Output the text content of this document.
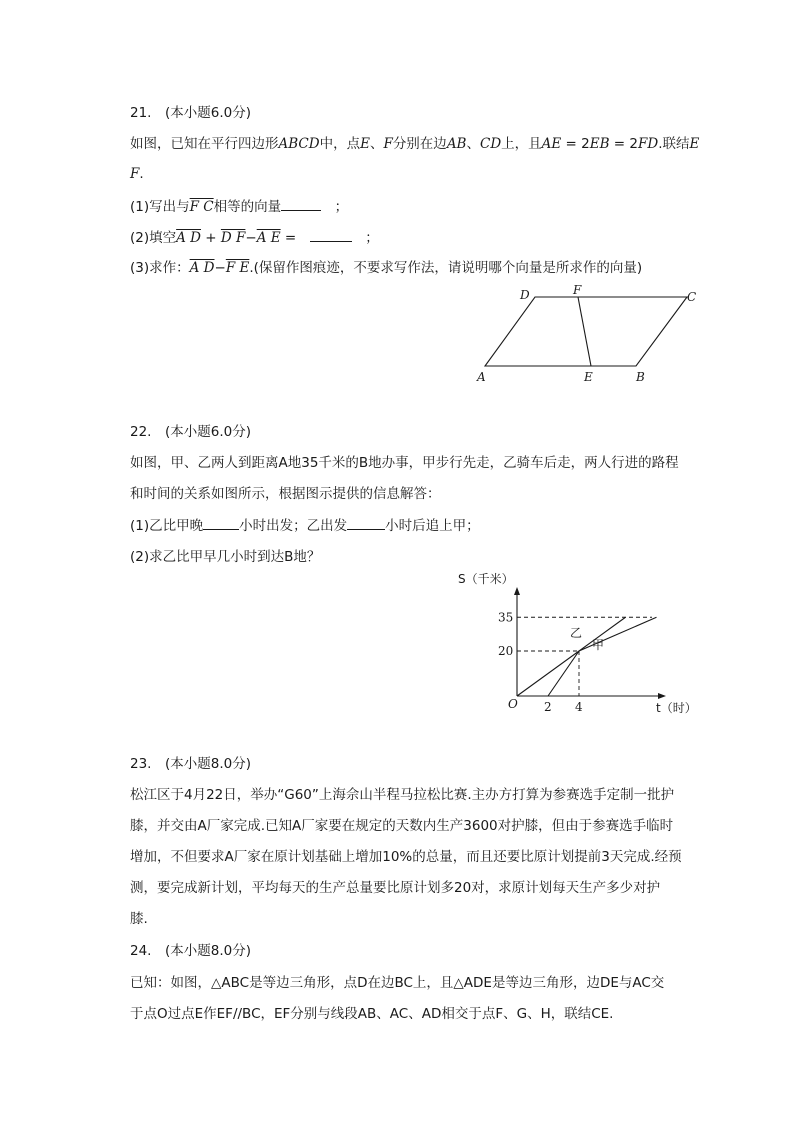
21.　(本小题6.0分)
如图，已知在平行四边形ABCD中，点E、F分别在边AB、CD上，且AE = 2EB = 2FD.联结E
F.
(1)写出与F C相等的向量　	；
(2)填空A D + D F−A E =　　	；
(3)求作：A D−F E.(保留作图痕迹，不要求写作法，请说明哪个向量是所求作的向量)
D	F	C
A	E	B
22.　(本小题6.0分)
如图，甲、乙两人到距离A地35千米的B地办事，甲步行先走，乙骑车后走，两人行进的路程
和时间的关系如图所示，根据图示提供的信息解答：
(1)乙比甲晚	小时出发；乙出发	小时后追上甲；
(2)求乙比甲早几小时到达B地？
S（千米）
t（时）
O
20
35
2 4
甲
乙
23.　(本小题8.0分)
松江区于4月22日，举办“G60”上海佘山半程马拉松比赛.主办方打算为参赛选手定制一批护
膝，并交由A厂家完成.已知A厂家要在规定的天数内生产3600对护膝，但由于参赛选手临时
增加，不但要求A厂家在原计划基础上增加10%的总量，而且还要比原计划提前3天完成.经预
测，要完成新计划，平均每天的生产总量要比原计划多20对，求原计划每天生产多少对护
膝.
24.　(本小题8.0分)
已知：如图，△ABC是等边三角形，点D在边BC上，且△ADE是等边三角形，边DE与AC交
于点O过点E作EF//BC，EF分别与线段AB、AC、AD相交于点F、G、H，联结CE.
